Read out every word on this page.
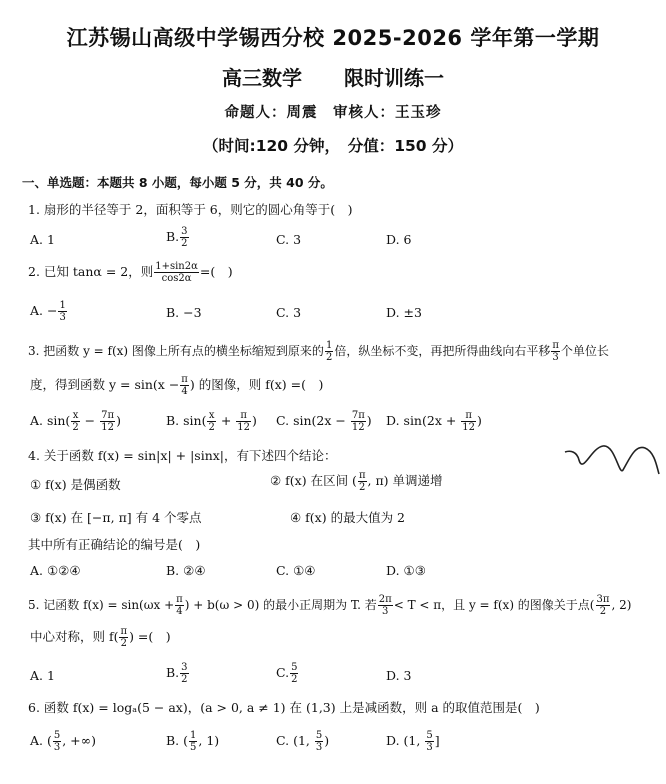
江苏锡山高级中学锡西分校 2025-2026 学年第一学期
高三数学 限时训练一
命题人：周震　审核人：王玉珍
（时间:120 分钟，　分值：150 分）
一、单选题：本题共 8 小题，每小题 5 分，共 40 分。
1. 扇形的半径等于 2，面积等于 6，则它的圆心角等于(　)
A. 1	B. $\frac{3}{2}$	C. 3	D. 6
2. 已知 tanα = 2，则 $\frac{1+\sin 2\alpha}{\cos 2\alpha}$ =(　)
A. − $\frac{1}{3}$	B. −3	C. 3	D. ±3
3. 把函数 y = f(x) 图像上所有点的横坐标缩短到原来的 $\frac{1}{2}$ 倍，纵坐标不变，再把所得曲线向右平移 $\frac{\pi}{3}$ 个单位长
度，得到函数 $y = \sin(x - \frac{\pi}{4}$ ) 的图像，则 f(x) =(　)
A. $\sin( \frac{x}{2} - \frac{7\pi}{12}$ )	B. $\sin( \frac{x}{2} + \frac{\pi}{12}$ ) C. $\sin(2x - \frac{7\pi}{12}$ ) D. $\sin(2x + \frac{\pi}{12}$ )
4. 关于函数 f(x) = sin|x| + |sinx|，有下述四个结论：
① f(x) 是偶函数	② f(x) 在区间 ( $\frac{\pi}{2}$ , π) 单调递增
③ f(x) 在 [−π, π] 有 4 个零点	④ f(x) 的最大值为 2
其中所有正确结论的编号是(　)
A. ①②④	B. ②④	C. ①④	D. ①③
5. 记函数 $f(x) = \sin(\omega x + \frac{\pi}{4}$ ) + b(ω > 0) 的最小正周期为 T. 若 $\frac{2\pi}{3} < T < \pi$，且 y = f(x) 的图像关于点( $\frac{3\pi}{2}$ , 2)
中心对称，则 $f( \frac{\pi}{2}$ ) =(　)
A. 1	B. $\frac{3}{2}$	C. $\frac{5}{2}$	D. 3
6. 函数 f(x) = logₐ(5 − ax)，(a > 0, a ≠ 1) 在 (1,3) 上是减函数，则 a 的取值范围是(　)
A. ( $\frac{5}{3}$ , +∞)	B. ( $\frac{1}{5}$ , 1)	C. (1, $\frac{5}{3}$ )	D. (1, $\frac{5}{3}$ ]
